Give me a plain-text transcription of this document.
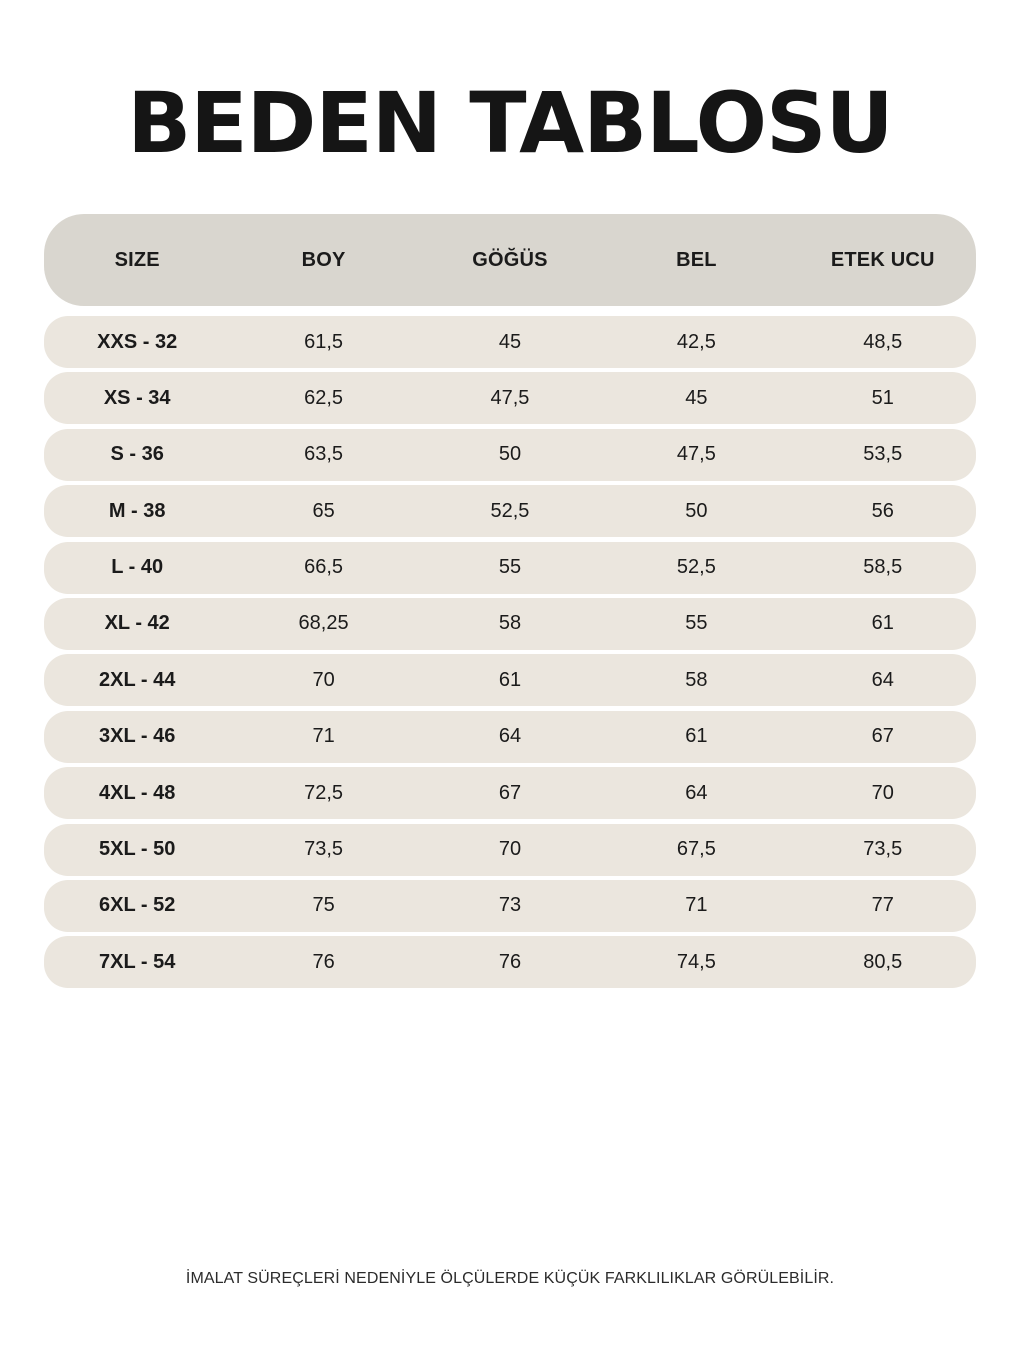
BEDEN TABLOSU
SIZE	BOY	GÖĞÜS	BEL	ETEK UCU
XXS - 32	61,5	45	42,5	48,5
XS - 34	62,5	47,5	45	51
S - 36	63,5	50	47,5	53,5
M - 38	65	52,5	50	56
L - 40	66,5	55	52,5	58,5
XL - 42	68,25	58	55	61
2XL - 44	70	61	58	64
3XL - 46	71	64	61	67
4XL - 48	72,5	67	64	70
5XL - 50	73,5	70	67,5	73,5
6XL - 52	75	73	71	77
7XL - 54	76	76	74,5	80,5
İMALAT SÜREÇLERİ NEDENİYLE ÖLÇÜLERDE KÜÇÜK FARKLILIKLAR GÖRÜLEBİLİR.
